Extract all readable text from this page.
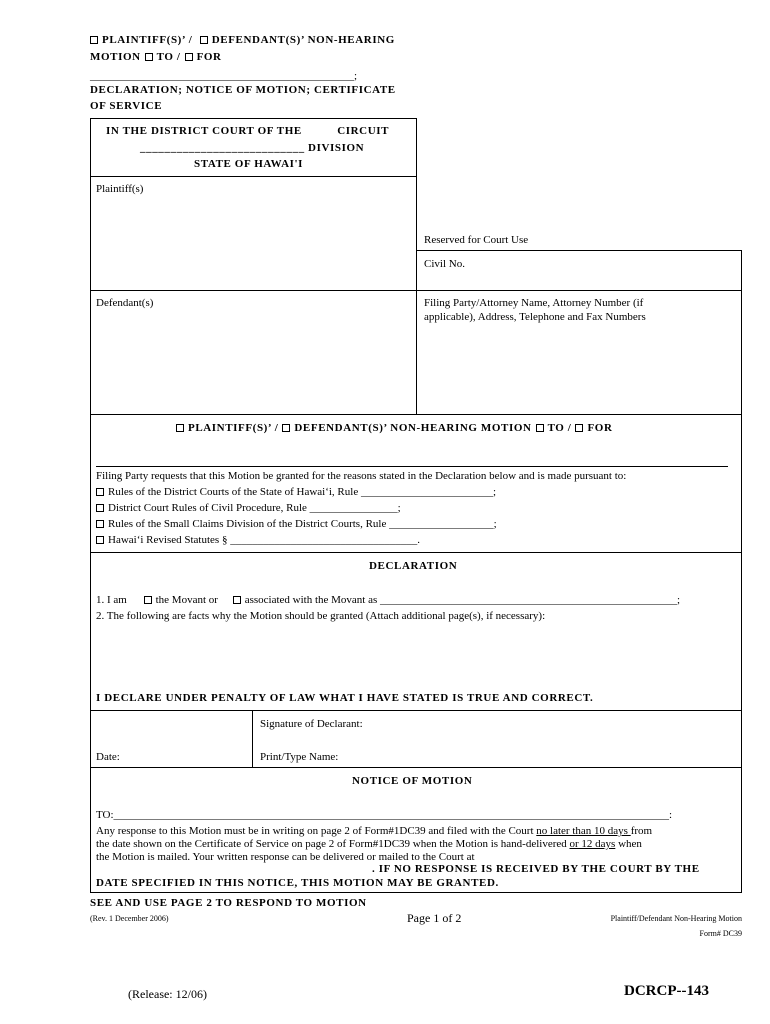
PLAINTIFF(S)’ / DEFENDANT(S)’ NON-HEARING
MOTION TO / FOR
________________________________________________;
DECLARATION; NOTICE OF MOTION; CERTIFICATE
OF SERVICE
IN THE DISTRICT COURT OF THE	CIRCUIT
___________________________ DIVISION
STATE OF HAWAI'I
Plaintiff(s)
Defendant(s)
Reserved for Court Use
Civil No.
Filing Party/Attorney Name, Attorney Number (if
applicable), Address, Telephone and Fax Numbers
PLAINTIFF(S)’ / DEFENDANT(S)’ NON-HEARING MOTION TO / FOR
Filing Party requests that this Motion be granted for the reasons stated in the Declaration below and is made pursuant to:
Rules of the District Courts of the State of Hawai‘i, Rule ________________________;
District Court Rules of Civil Procedure, Rule ________________;
Rules of the Small Claims Division of the District Courts, Rule ___________________;
Hawai‘i Revised Statutes § __________________________________.
DECLARATION
1. I am	the Movant or associated with the Movant as ______________________________________________________;
2. The following are facts why the Motion should be granted (Attach additional page(s), if necessary):
I DECLARE UNDER PENALTY OF LAW WHAT I HAVE STATED IS TRUE AND CORRECT.
Signature of Declarant:
Date:	Print/Type Name:
NOTICE OF MOTION
TO:_____________________________________________________________________________________________________:
Any response to this Motion must be in writing on page 2 of Form#1DC39 and filed with the Court no later than 10 days from
the date shown on the Certificate of Service on page 2 of Form#1DC39 when the Motion is hand-delivered or 12 days when
the Motion is mailed. Your written response can be delivered or mailed to the Court at
. IF NO RESPONSE IS RECEIVED BY THE COURT BY THE
DATE SPECIFIED IN THIS NOTICE, THIS MOTION MAY BE GRANTED.
SEE AND USE PAGE 2 TO RESPOND TO MOTION
(Rev. 1 December 2006)	Page 1 of 2	Plaintiff/Defendant Non-Hearing Motion
Form# DC39
(Release: 12/06)	DCRCP--143
